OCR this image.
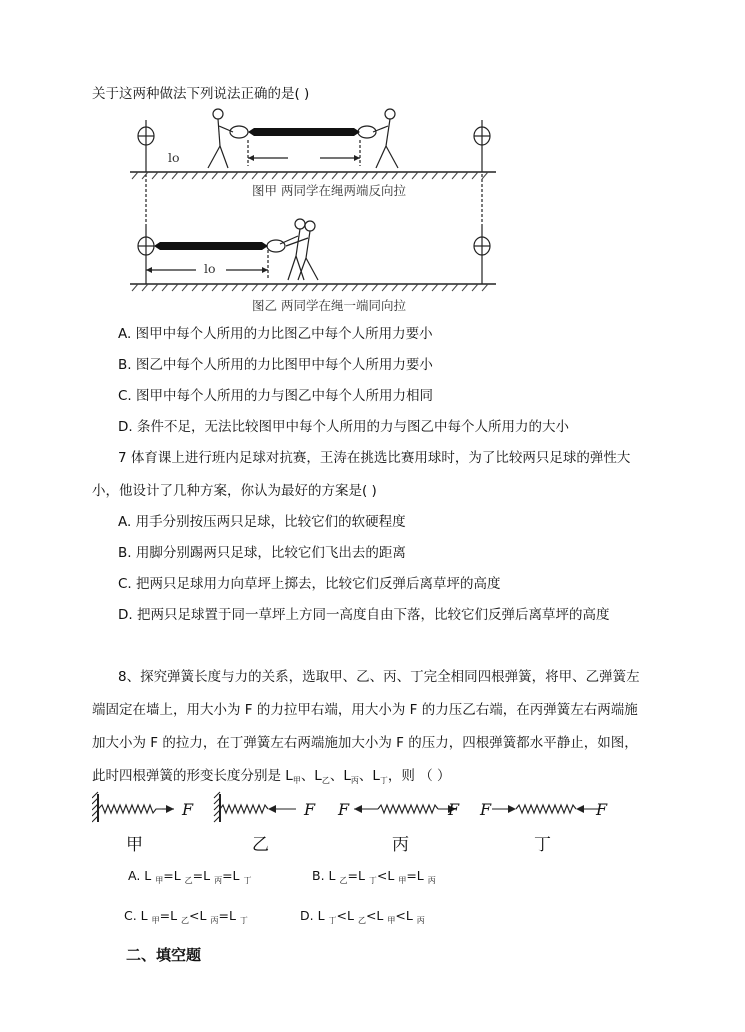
关于这两种做法下列说法正确的是( )
lo
图甲 两同学在绳两端反向拉
lo
图乙 两同学在绳一端同向拉
A. 图甲中每个人所用的力比图乙中每个人所用力要小
B. 图乙中每个人所用的力比图甲中每个人所用力要小
C. 图甲中每个人所用的力与图乙中每个人所用力相同
D. 条件不足，无法比较图甲中每个人所用的力与图乙中每个人所用力的大小
7 体育课上进行班内足球对抗赛，王涛在挑选比赛用球时，为了比较两只足球的弹性大
小，他设计了几种方案，你认为最好的方案是( )
A. 用手分别按压两只足球，比较它们的软硬程度
B. 用脚分别踢两只足球，比较它们飞出去的距离
C. 把两只足球用力向草坪上掷去，比较它们反弹后离草坪的高度
D. 把两只足球置于同一草坪上方同一高度自由下落，比较它们反弹后离草坪的高度
8、探究弹簧长度与力的关系，选取甲、乙、丙、丁完全相同四根弹簧，将甲、乙弹簧左
端固定在墙上，用大小为 F 的力拉甲右端，用大小为 F 的力压乙右端，在丙弹簧左右两端施
加大小为 F 的拉力，在丁弹簧左右两端施加大小为 F 的压力，四根弹簧都水平静止，如图，
此时四根弹簧的形变长度分别是 $L_甲$、$L_乙$、$L_丙$、$L_丁$，则 （ ）
F	F F	F F	F
甲	乙	丙	丁
A. L $_甲$=L $_乙$=L $_丙$=L $_丁$	B. L $_乙$=L $_丁$<L $_甲$=L $_丙$
C. L $_甲$=L $_乙$<L $_丙$=L $_丁$	D. L $_丁$<L $_乙$<L $_甲$<L $_丙$
二、填空题
